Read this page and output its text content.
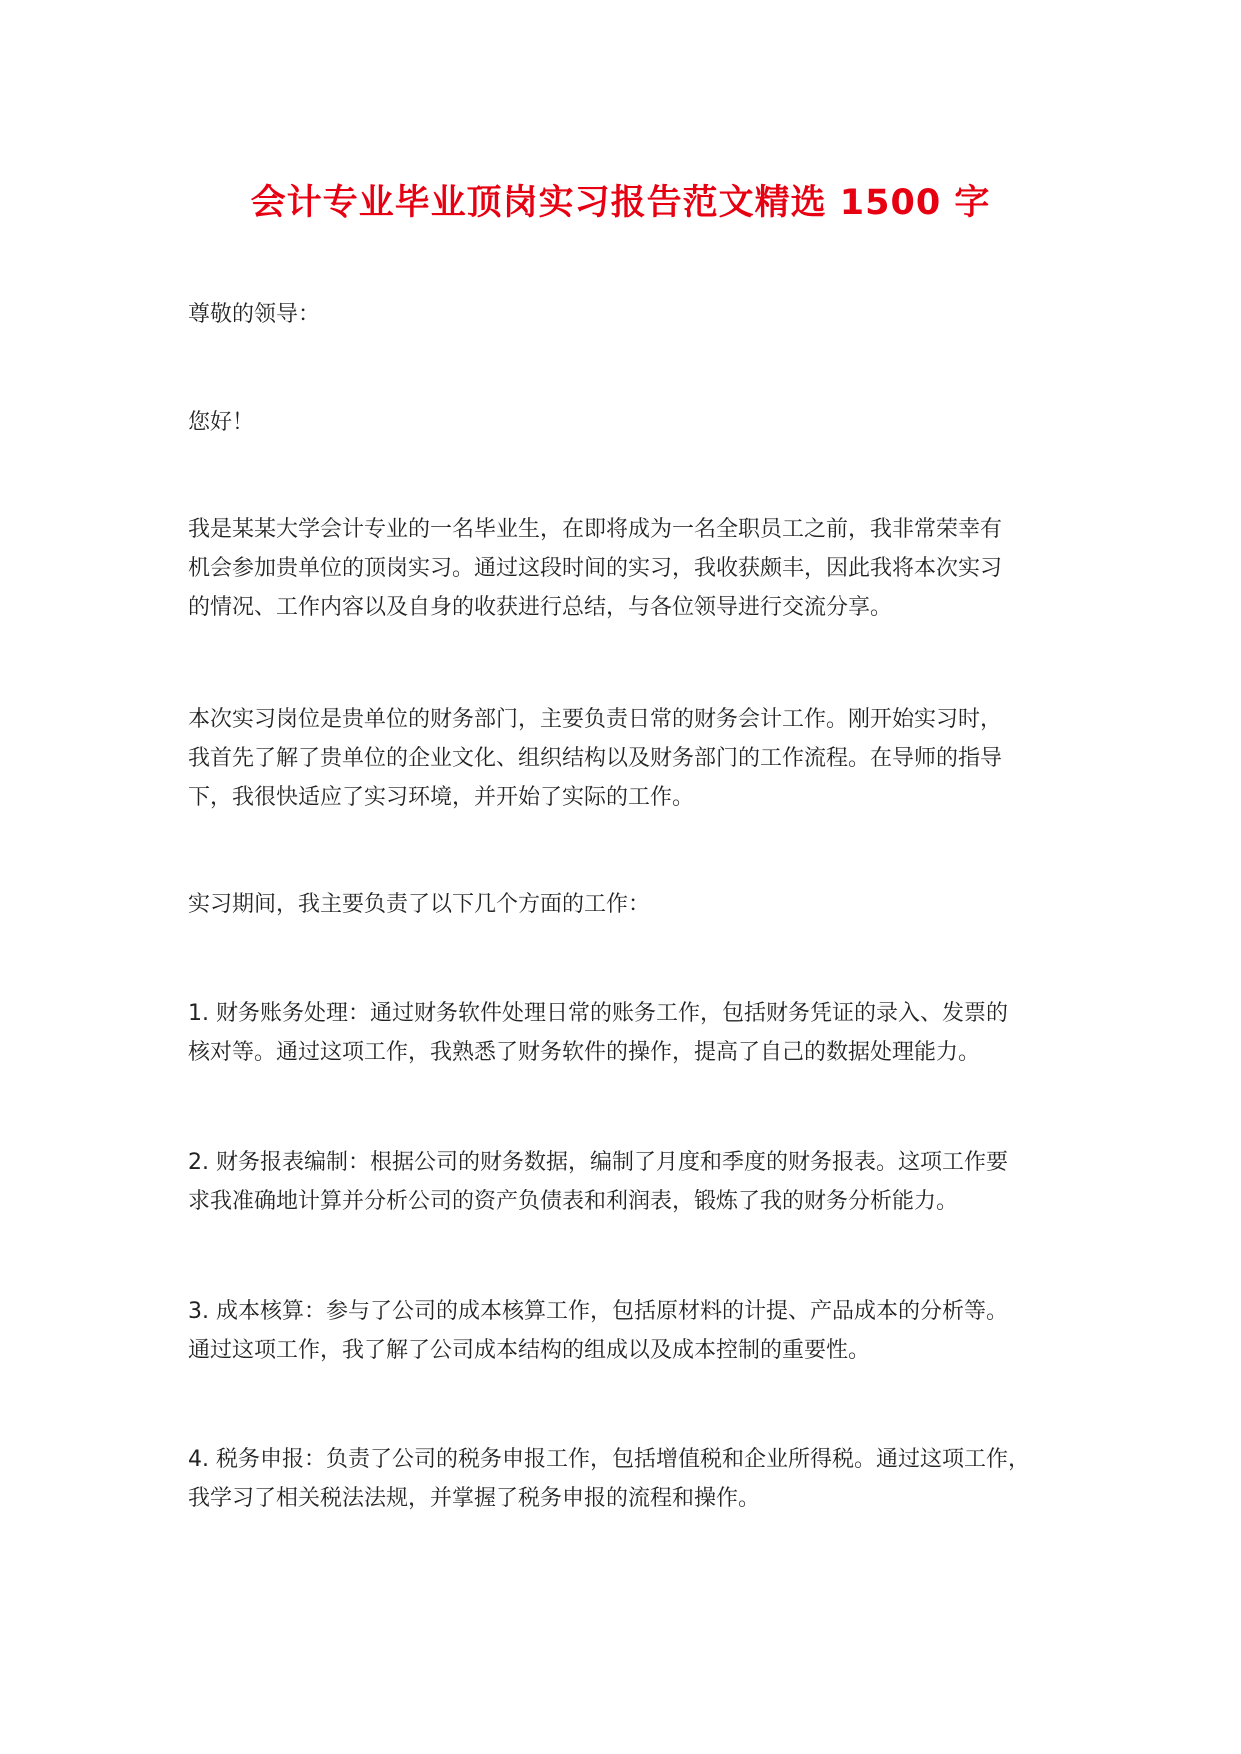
会计专业毕业顶岗实习报告范文精选 1500 字

尊敬的领导：

您好！

我是某某大学会计专业的一名毕业生，在即将成为一名全职员工之前，我非常荣幸有
机会参加贵单位的顶岗实习。通过这段时间的实习，我收获颇丰，因此我将本次实习
的情况、工作内容以及自身的收获进行总结，与各位领导进行交流分享。

本次实习岗位是贵单位的财务部门，主要负责日常的财务会计工作。刚开始实习时，
我首先了解了贵单位的企业文化、组织结构以及财务部门的工作流程。在导师的指导
下，我很快适应了实习环境，并开始了实际的工作。

实习期间，我主要负责了以下几个方面的工作：

1. 财务账务处理：通过财务软件处理日常的账务工作，包括财务凭证的录入、发票的
核对等。通过这项工作，我熟悉了财务软件的操作，提高了自己的数据处理能力。

2. 财务报表编制：根据公司的财务数据，编制了月度和季度的财务报表。这项工作要
求我准确地计算并分析公司的资产负债表和利润表，锻炼了我的财务分析能力。

3. 成本核算：参与了公司的成本核算工作，包括原材料的计提、产品成本的分析等。
通过这项工作，我了解了公司成本结构的组成以及成本控制的重要性。

4. 税务申报：负责了公司的税务申报工作，包括增值税和企业所得税。通过这项工作，
我学习了相关税法法规，并掌握了税务申报的流程和操作。
